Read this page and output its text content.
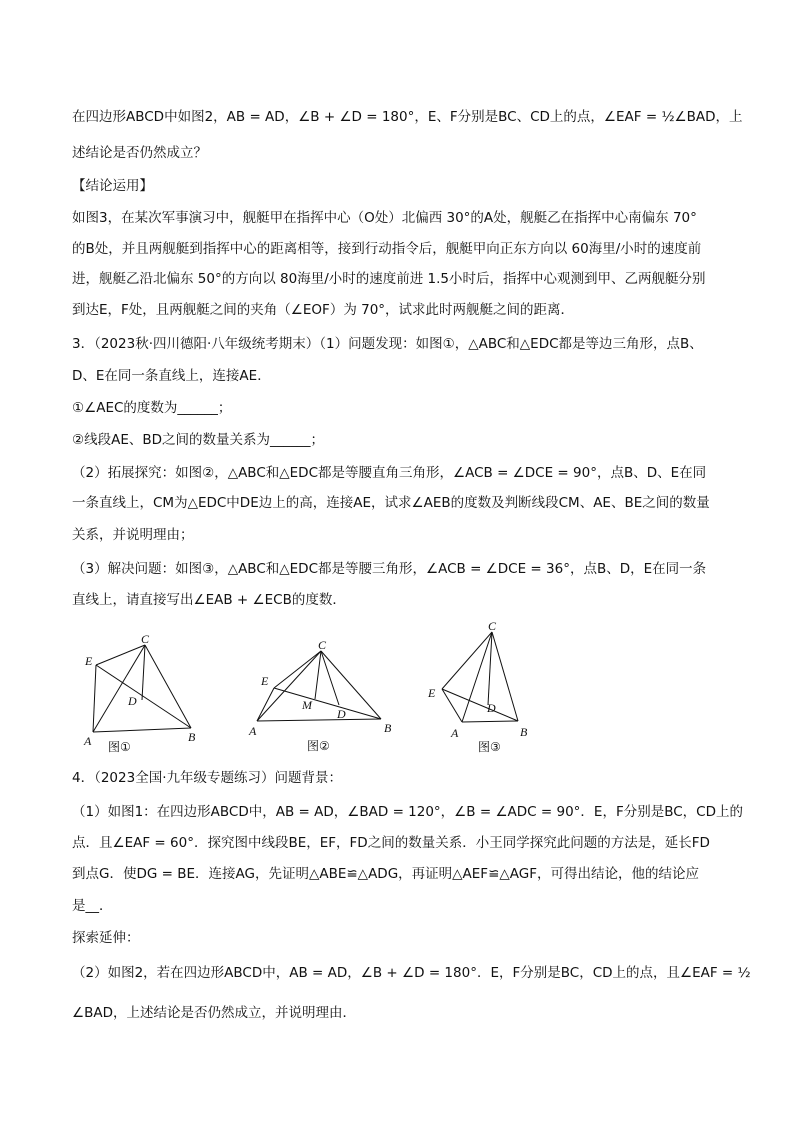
在四边形ABCD中如图2，AB = AD，∠B + ∠D = 180°，E、F分别是BC、CD上的点，∠EAF = ½∠BAD，上
述结论是否仍然成立？
【结论运用】
如图3，在某次军事演习中，舰艇甲在指挥中心（O处）北偏西 30°的A处，舰艇乙在指挥中心南偏东 70°
的B处，并且两舰艇到指挥中心的距离相等，接到行动指令后，舰艇甲向正东方向以 60海里/小时的速度前
进，舰艇乙沿北偏东 50°的方向以 80海里/小时的速度前进 1.5小时后，指挥中心观测到甲、乙两舰艇分别
到达E，F处，且两舰艇之间的夹角（∠EOF）为 70°，试求此时两舰艇之间的距离．
3．（2023秋·四川德阳·八年级统考期末）（1）问题发现：如图①，△ABC和△EDC都是等边三角形，点B、
D、E在同一条直线上，连接AE．
①∠AEC的度数为______；
②线段AE、BD之间的数量关系为______；
（2）拓展探究：如图②，△ABC和△EDC都是等腰直角三角形，∠ACB = ∠DCE = 90°，点B、D、E在同
一条直线上，CM为△EDC中DE边上的高，连接AE，试求∠AEB的度数及判断线段CM、AE、BE之间的数量
关系，并说明理由；
（3）解决问题：如图③，△ABC和△EDC都是等腰三角形，∠ACB = ∠DCE = 36°，点B、D，E在同一条
直线上，请直接写出∠EAB + ∠ECB的度数．
C
E
D
A	B
图①
C
E
M
D
A	B
图②
C
E
D
A	B
图③
4．（2023全国·九年级专题练习）问题背景：
（1）如图1：在四边形ABCD中，AB = AD，∠BAD = 120°，∠B = ∠ADC = 90°．E，F分别是BC，CD上的
点．且∠EAF = 60°．探究图中线段BE，EF，FD之间的数量关系．小王同学探究此问题的方法是，延长FD
到点G．使DG = BE．连接AG，先证明△ABE≌△ADG，再证明△AEF≌△AGF，可得出结论，他的结论应
是__．
探索延伸：
（2）如图2，若在四边形ABCD中，AB = AD，∠B + ∠D = 180°．E，F分别是BC，CD上的点，且∠EAF = ½
∠BAD，上述结论是否仍然成立，并说明理由．
